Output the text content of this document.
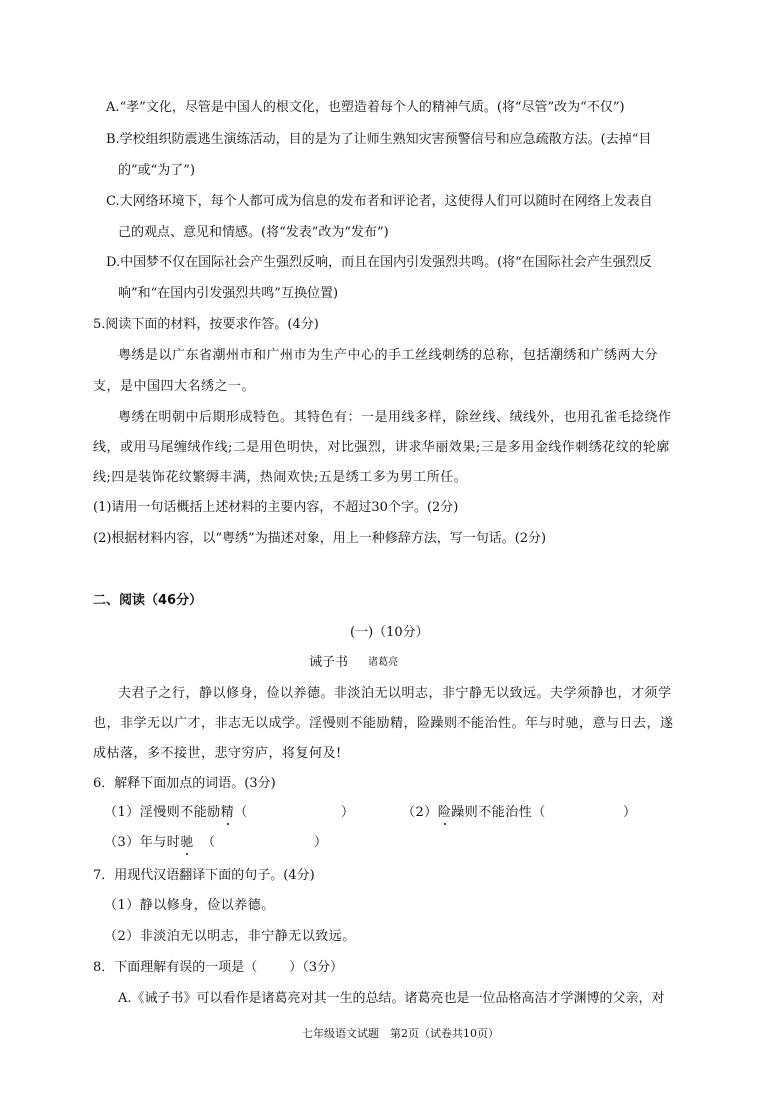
A.“孝”文化，尽管是中国人的根文化，也塑造着每个人的精神气质。(将“尽管”改为“不仅”)
B.学校组织防震逃生演练活动，目的是为了让师生熟知灾害预警信号和应急疏散方法。(去掉“目
的”或“为了”)
C.大网络环境下，每个人都可成为信息的发布者和评论者，这使得人们可以随时在网络上发表自
己的观点、意见和情感。(将“发表”改为“发布”)
D.中国梦不仅在国际社会产生强烈反响，而且在国内引发强烈共鸣。(将“在国际社会产生强烈反
响”和“在国内引发强烈共鸣”互换位置)
5.阅读下面的材料，按要求作答。(4分)
粤绣是以广东省潮州市和广州市为生产中心的手工丝线刺绣的总称，包括潮绣和广绣两大分
支，是中国四大名绣之一。
粤绣在明朝中后期形成特色。其特色有：一是用线多样，除丝线、绒线外，也用孔雀毛捻绕作
线，或用马尾缠绒作线;二是用色明快，对比强烈，讲求华丽效果;三是多用金线作刺绣花纹的轮廓
线;四是装饰花纹繁缛丰满，热闹欢快;五是绣工多为男工所任。
(1)请用一句话概括上述材料的主要内容，不超过30个字。(2分)
(2)根据材料内容，以“粤绣”为描述对象，用上一种修辞方法，写一句话。(2分)
二、阅读（46分）
(一)（10分）
诫子书 诸葛亮
夫君子之行，静以修身，俭以养德。非淡泊无以明志，非宁静无以致远。夫学须静也，才须学
也，非学无以广才，非志无以成学。淫慢则不能励精，险躁则不能治性。年与时驰，意与日去，遂
成枯落，多不接世，悲守穷庐，将复何及!
6．解释下面加点的词语。(3分)
（1）淫慢则不能励精（	）	（2）险躁则不能治性（	）
（3）年与时驰 （	）
7．用现代汉语翻译下面的句子。(4分)
（1）静以修身，俭以养德。
（2）非淡泊无以明志，非宁静无以致远。
8．下面理解有误的一项是（ ）（3分）
A.《诫子书》可以看作是诸葛亮对其一生的总结。诸葛亮也是一位品格高洁才学渊博的父亲，对
七年级语文试题 第2页（试卷共10页）
